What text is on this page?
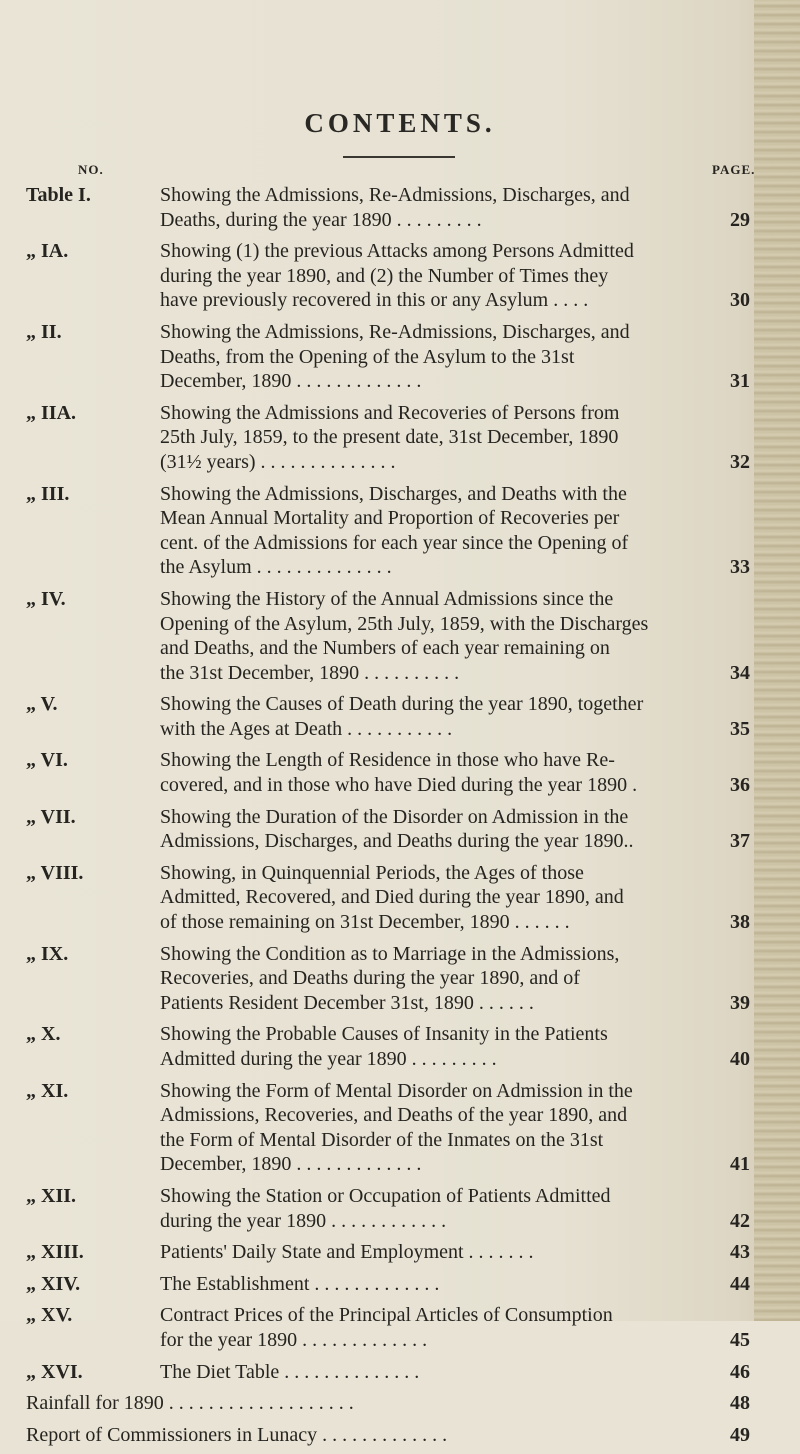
CONTENTS.
NO.	PAGE.
Table I.	Showing the Admissions, Re-Admissions, Discharges, and
Deaths, during the year 1890 . . . . . . . . .	29
„ IA.	Showing (1) the previous Attacks among Persons Admitted
during the year 1890, and (2) the Number of Times they
have previously recovered in this or any Asylum . . . .	30
„ II.	Showing the Admissions, Re-Admissions, Discharges, and
Deaths, from the Opening of the Asylum to the 31st
December, 1890 . . . . . . . . . . . . .	31
„ IIA.	Showing the Admissions and Recoveries of Persons from
25th July, 1859, to the present date, 31st December, 1890
(31½ years) . . . . . . . . . . . . . .	32
„ III.	Showing the Admissions, Discharges, and Deaths with the
Mean Annual Mortality and Proportion of Recoveries per
cent. of the Admissions for each year since the Opening of
the Asylum . . . . . . . . . . . . . .	33
„ IV.	Showing the History of the Annual Admissions since the
Opening of the Asylum, 25th July, 1859, with the Discharges
and Deaths, and the Numbers of each year remaining on
the 31st December, 1890 . . . . . . . . . .	34
„ V.	Showing the Causes of Death during the year 1890, together
with the Ages at Death . . . . . . . . . . .	35
„ VI.	Showing the Length of Residence in those who have Re-
covered, and in those who have Died during the year 1890 .	36
„ VII.	Showing the Duration of the Disorder on Admission in the
Admissions, Discharges, and Deaths during the year 1890..	37
„ VIII.	Showing, in Quinquennial Periods, the Ages of those
Admitted, Recovered, and Died during the year 1890, and
of those remaining on 31st December, 1890 . . . . . .	38
„ IX.	Showing the Condition as to Marriage in the Admissions,
Recoveries, and Deaths during the year 1890, and of
Patients Resident December 31st, 1890 . . . . . .	39
„ X.	Showing the Probable Causes of Insanity in the Patients
Admitted during the year 1890 . . . . . . . . .	40
„ XI.	Showing the Form of Mental Disorder on Admission in the
Admissions, Recoveries, and Deaths of the year 1890, and
the Form of Mental Disorder of the Inmates on the 31st
December, 1890 . . . . . . . . . . . . .	41
„ XII.	Showing the Station or Occupation of Patients Admitted
during the year 1890 . . . . . . . . . . . .	42
„ XIII.	Patients' Daily State and Employment . . . . . . .	43
„ XIV.	The Establishment . . . . . . . . . . . . .	44
„ XV.	Contract Prices of the Principal Articles of Consumption
for the year 1890 . . . . . . . . . . . . .	45
„ XVI.	The Diet Table . . . . . . . . . . . . . .	46
Rainfall for 1890 . . . . . . . . . . . . . . . . . . .	48
Report of Commissioners in Lunacy . . . . . . . . . . . . .	49
